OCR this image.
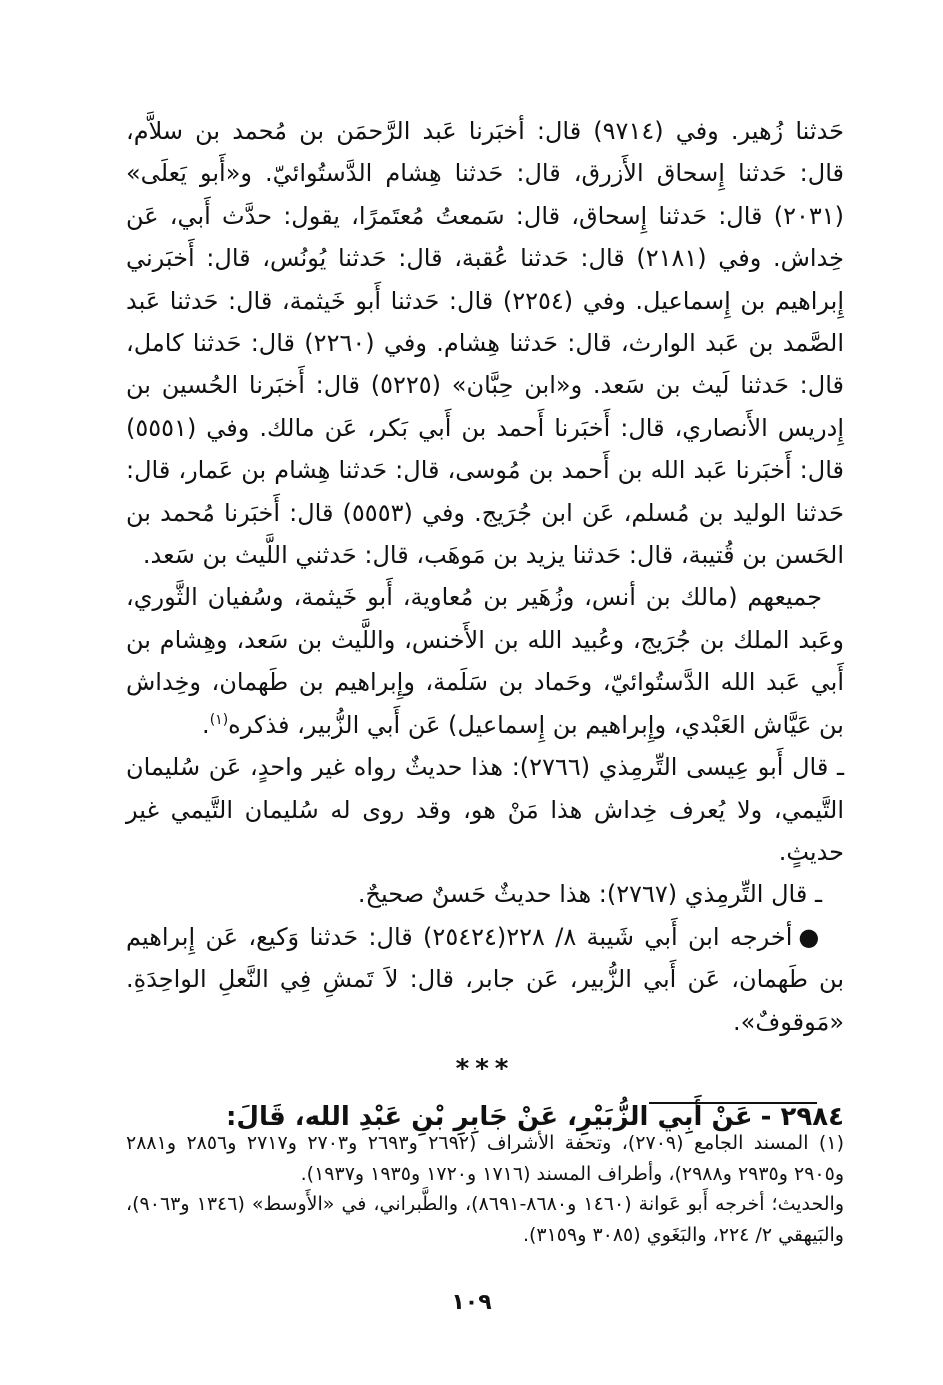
حَدثنا زُهير. وفي (٩٧١٤) قال: أخبَرنا عَبد الرَّحمَن بن مُحمد بن سلاَّم، قال: حَدثنا إِسحاق الأَزرق، قال: حَدثنا هِشام الدَّستُوائيّ. و«أَبو يَعلَى» (٢٠٣١) قال: حَدثنا إِسحاق، قال: سَمعتُ مُعتَمرًا، يقول: حدَّث أَبي، عَن خِداش. وفي (٢١٨١) قال: حَدثنا عُقبة، قال: حَدثنا يُونُس، قال: أَخبَرني إِبراهيم بن إِسماعيل. وفي (٢٢٥٤) قال: حَدثنا أَبو خَيثمة، قال: حَدثنا عَبد الصَّمد بن عَبد الوارث، قال: حَدثنا هِشام. وفي (٢٢٦٠) قال: حَدثنا كامل، قال: حَدثنا لَيث بن سَعد. و«ابن حِبَّان» (٥٢٢٥) قال: أَخبَرنا الحُسين بن إِدريس الأَنصاري، قال: أَخبَرنا أَحمد بن أَبي بَكر، عَن مالك. وفي (٥٥٥١) قال: أَخبَرنا عَبد الله بن أَحمد بن مُوسى، قال: حَدثنا هِشام بن عَمار، قال: حَدثنا الوليد بن مُسلم، عَن ابن جُرَيج. وفي (٥٥٥٣) قال: أَخبَرنا مُحمد بن الحَسن بن قُتيبة، قال: حَدثنا يزيد بن مَوهَب، قال: حَدثني اللَّيث بن سَعد.

جميعهم (مالك بن أنس، وزُهَير بن مُعاوية، أَبو خَيثمة، وسُفيان الثَّوري، وعَبد الملك بن جُرَيج، وعُبيد الله بن الأَخنس، واللَّيث بن سَعد، وهِشام بن أَبي عَبد الله الدَّستُوائيّ، وحَماد بن سَلَمة، وإِبراهيم بن طَهمان، وخِداش بن عَيَّاش العَبْدي، وإِبراهيم بن إِسماعيل) عَن أَبي الزُّبير، فذكره$^{(١)}$.

ـ قال أَبو عِيسى التِّرمِذي (٢٧٦٦): هذا حديثٌ رواه غير واحدٍ، عَن سُليمان التَّيمي، ولا يُعرف خِداش هذا مَنْ هو، وقد روى له سُليمان التَّيمي غير حديثٍ.

ـ قال التِّرمِذي (٢٧٦٧): هذا حديثٌ حَسنٌ صحيحٌ.

●أخرجه ابن أَبي شَيبة ٨/ ٢٢٨(٢٥٤٢٤) قال: حَدثنا وَكيع، عَن إِبراهيم بن طَهمان، عَن أَبي الزُّبير، عَن جابر، قال: لاَ تَمشِ فِي النَّعلِ الواحِدَةِ. «مَوقوفٌ».

***

٢٩٨٤ -عَنْ أَبِي الزُّبَيْرِ، عَنْ جَابِرِ بْنِ عَبْدِ الله، قَالَ:

(١) المسند الجامع (٢٧٠٩)، وتحفة الأشراف (٢٦٩٢ و٢٦٩٣ و٢٧٠٣ و٢٧١٧ و٢٨٥٦ و٢٨٨١ و٢٩٠٥ و٢٩٣٥ و٢٩٨٨)، وأطراف المسند (١٧١٦ و١٧٢٠ و١٩٣٥ و١٩٣٧).

والحديث؛ أخرجه أَبو عَوانة (١٤٦٠ و٨٦٨٠-٨٦٩١)، والطَّبراني، في «الأَوسط» (١٣٤٦ و٩٠٦٣)، والبَيهقي ٢/ ٢٢٤، والبَغَوي (٣٠٨٥ و٣١٥٩).

١٠٩
